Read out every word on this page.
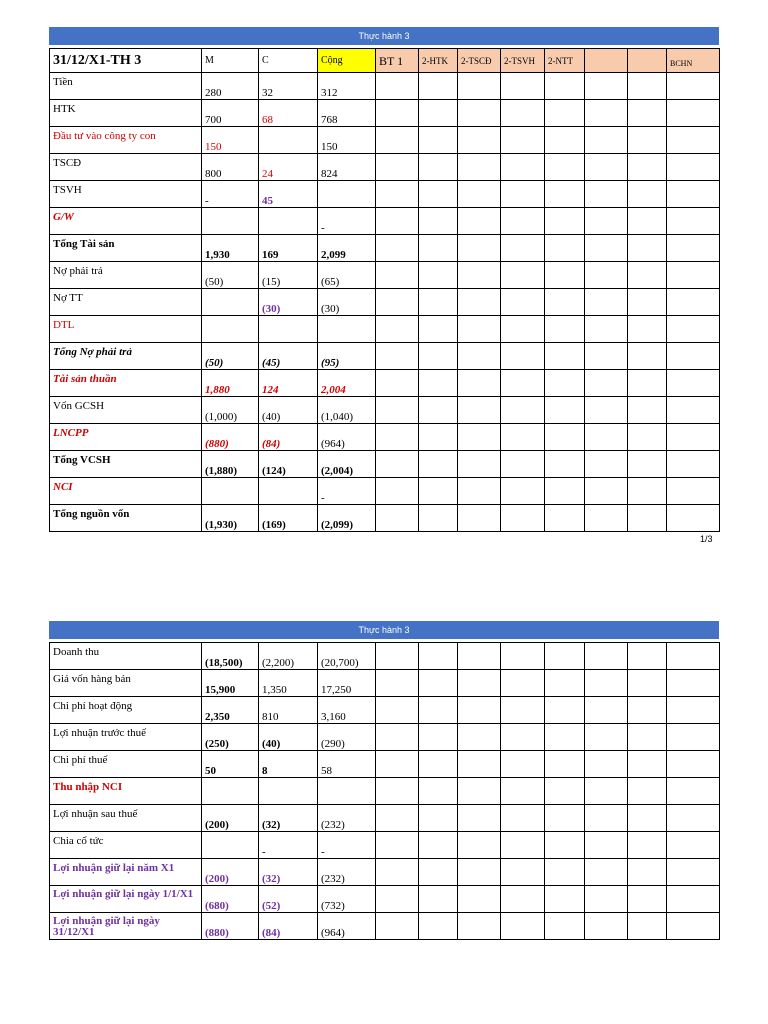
Thực hành 3
31/12/X1-TH 3	M	C	Cộng	BT 1	2-HTK	2-TSCĐ	2-TSVH	2-NTT			BCHN
Tiền	280	32	312								
HTK	700	68	768								
Đầu tư vào công ty con	150		150								
TSCĐ	800	24	824								
TSVH	-	45									
G/W			-								
Tổng Tài sản	1,930	169	2,099								
Nợ phải trả	(50)	(15)	(65)								
Nợ TT		(30)	(30)								
DTL											
Tổng Nợ phải trả	(50)	(45)	(95)								
Tài sản thuần	1,880	124	2,004								
Vốn GCSH	(1,000)	(40)	(1,040)								
LNCPP	(880)	(84)	(964)								
Tổng VCSH	(1,880)	(124)	(2,004)								
NCI			-								
Tổng nguồn vốn	(1,930)	(169)	(2,099)								
1/3
Thực hành 3
Doanh thu	(18,500)	(2,200)	(20,700)								
Giá vốn hàng bán	15,900	1,350	17,250								
Chi phí hoạt động	2,350	810	3,160								
Lợi nhuận trước thuế	(250)	(40)	(290)								
Chi phí thuế	50	8	58								
Thu nhập NCI											
Lợi nhuận sau thuế	(200)	(32)	(232)								
Chia cổ tức		-	-								
Lợi nhuận giữ lại năm X1	(200)	(32)	(232)								
Lợi nhuận giữ lại ngày 1/1/X1	(680)	(52)	(732)								
Lợi nhuận giữ lại ngày 31/12/X1	(880)	(84)	(964)								
